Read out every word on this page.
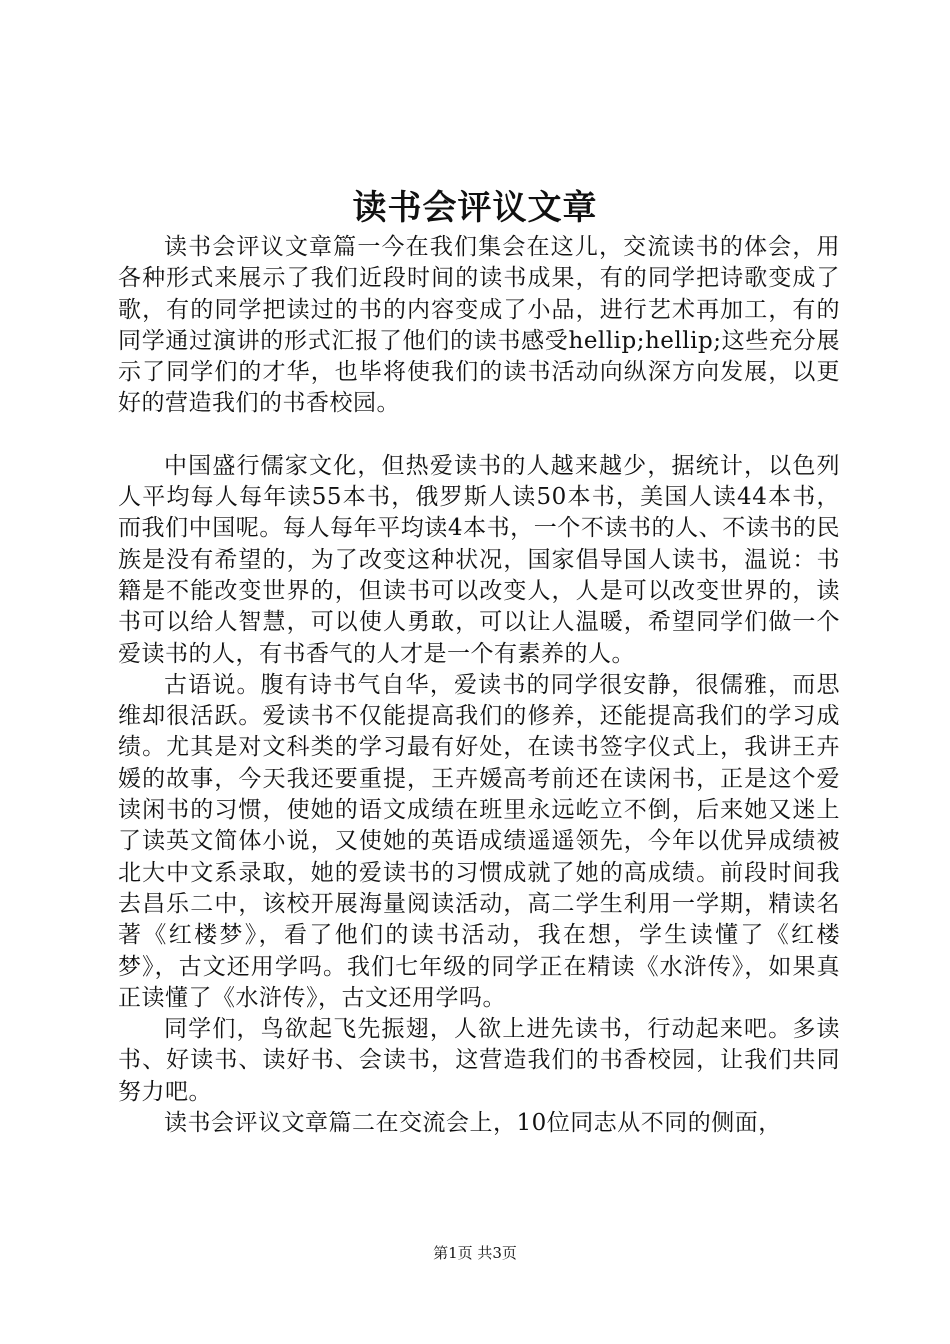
读书会评议文章

读书会评议文章篇一今在我们集会在这儿，交流读书的体会，用各种形式来展示了我们近段时间的读书成果，有的同学把诗歌变成了歌，有的同学把读过的书的内容变成了小品，进行艺术再加工，有的同学通过演讲的形式汇报了他们的读书感受hellip;hellip;这些充分展示了同学们的才华，也毕将使我们的读书活动向纵深方向发展，以更好的营造我们的书香校园。

中国盛行儒家文化，但热爱读书的人越来越少，据统计，以色列人平均每人每年读55本书，俄罗斯人读50本书，美国人读44本书，而我们中国呢。每人每年平均读4本书，一个不读书的人、不读书的民族是没有希望的，为了改变这种状况，国家倡导国人读书，温说：书籍是不能改变世界的，但读书可以改变人，人是可以改变世界的，读书可以给人智慧，可以使人勇敢，可以让人温暖，希望同学们做一个爱读书的人，有书香气的人才是一个有素养的人。

古语说。腹有诗书气自华，爱读书的同学很安静，很儒雅，而思维却很活跃。爱读书不仅能提高我们的修养，还能提高我们的学习成绩。尤其是对文科类的学习最有好处，在读书签字仪式上，我讲王卉媛的故事，今天我还要重提，王卉媛高考前还在读闲书，正是这个爱读闲书的习惯，使她的语文成绩在班里永远屹立不倒，后来她又迷上了读英文简体小说，又使她的英语成绩遥遥领先，今年以优异成绩被北大中文系录取，她的爱读书的习惯成就了她的高成绩。前段时间我去昌乐二中，该校开展海量阅读活动，高二学生利用一学期，精读名著《红楼梦》，看了他们的读书活动，我在想，学生读懂了《红楼梦》，古文还用学吗。我们七年级的同学正在精读《水浒传》，如果真正读懂了《水浒传》，古文还用学吗。

同学们，鸟欲起飞先振翅，人欲上进先读书，行动起来吧。多读书、好读书、读好书、会读书，这营造我们的书香校园，让我们共同努力吧。

读书会评议文章篇二在交流会上，10位同志从不同的侧面，

第1页 共3页
